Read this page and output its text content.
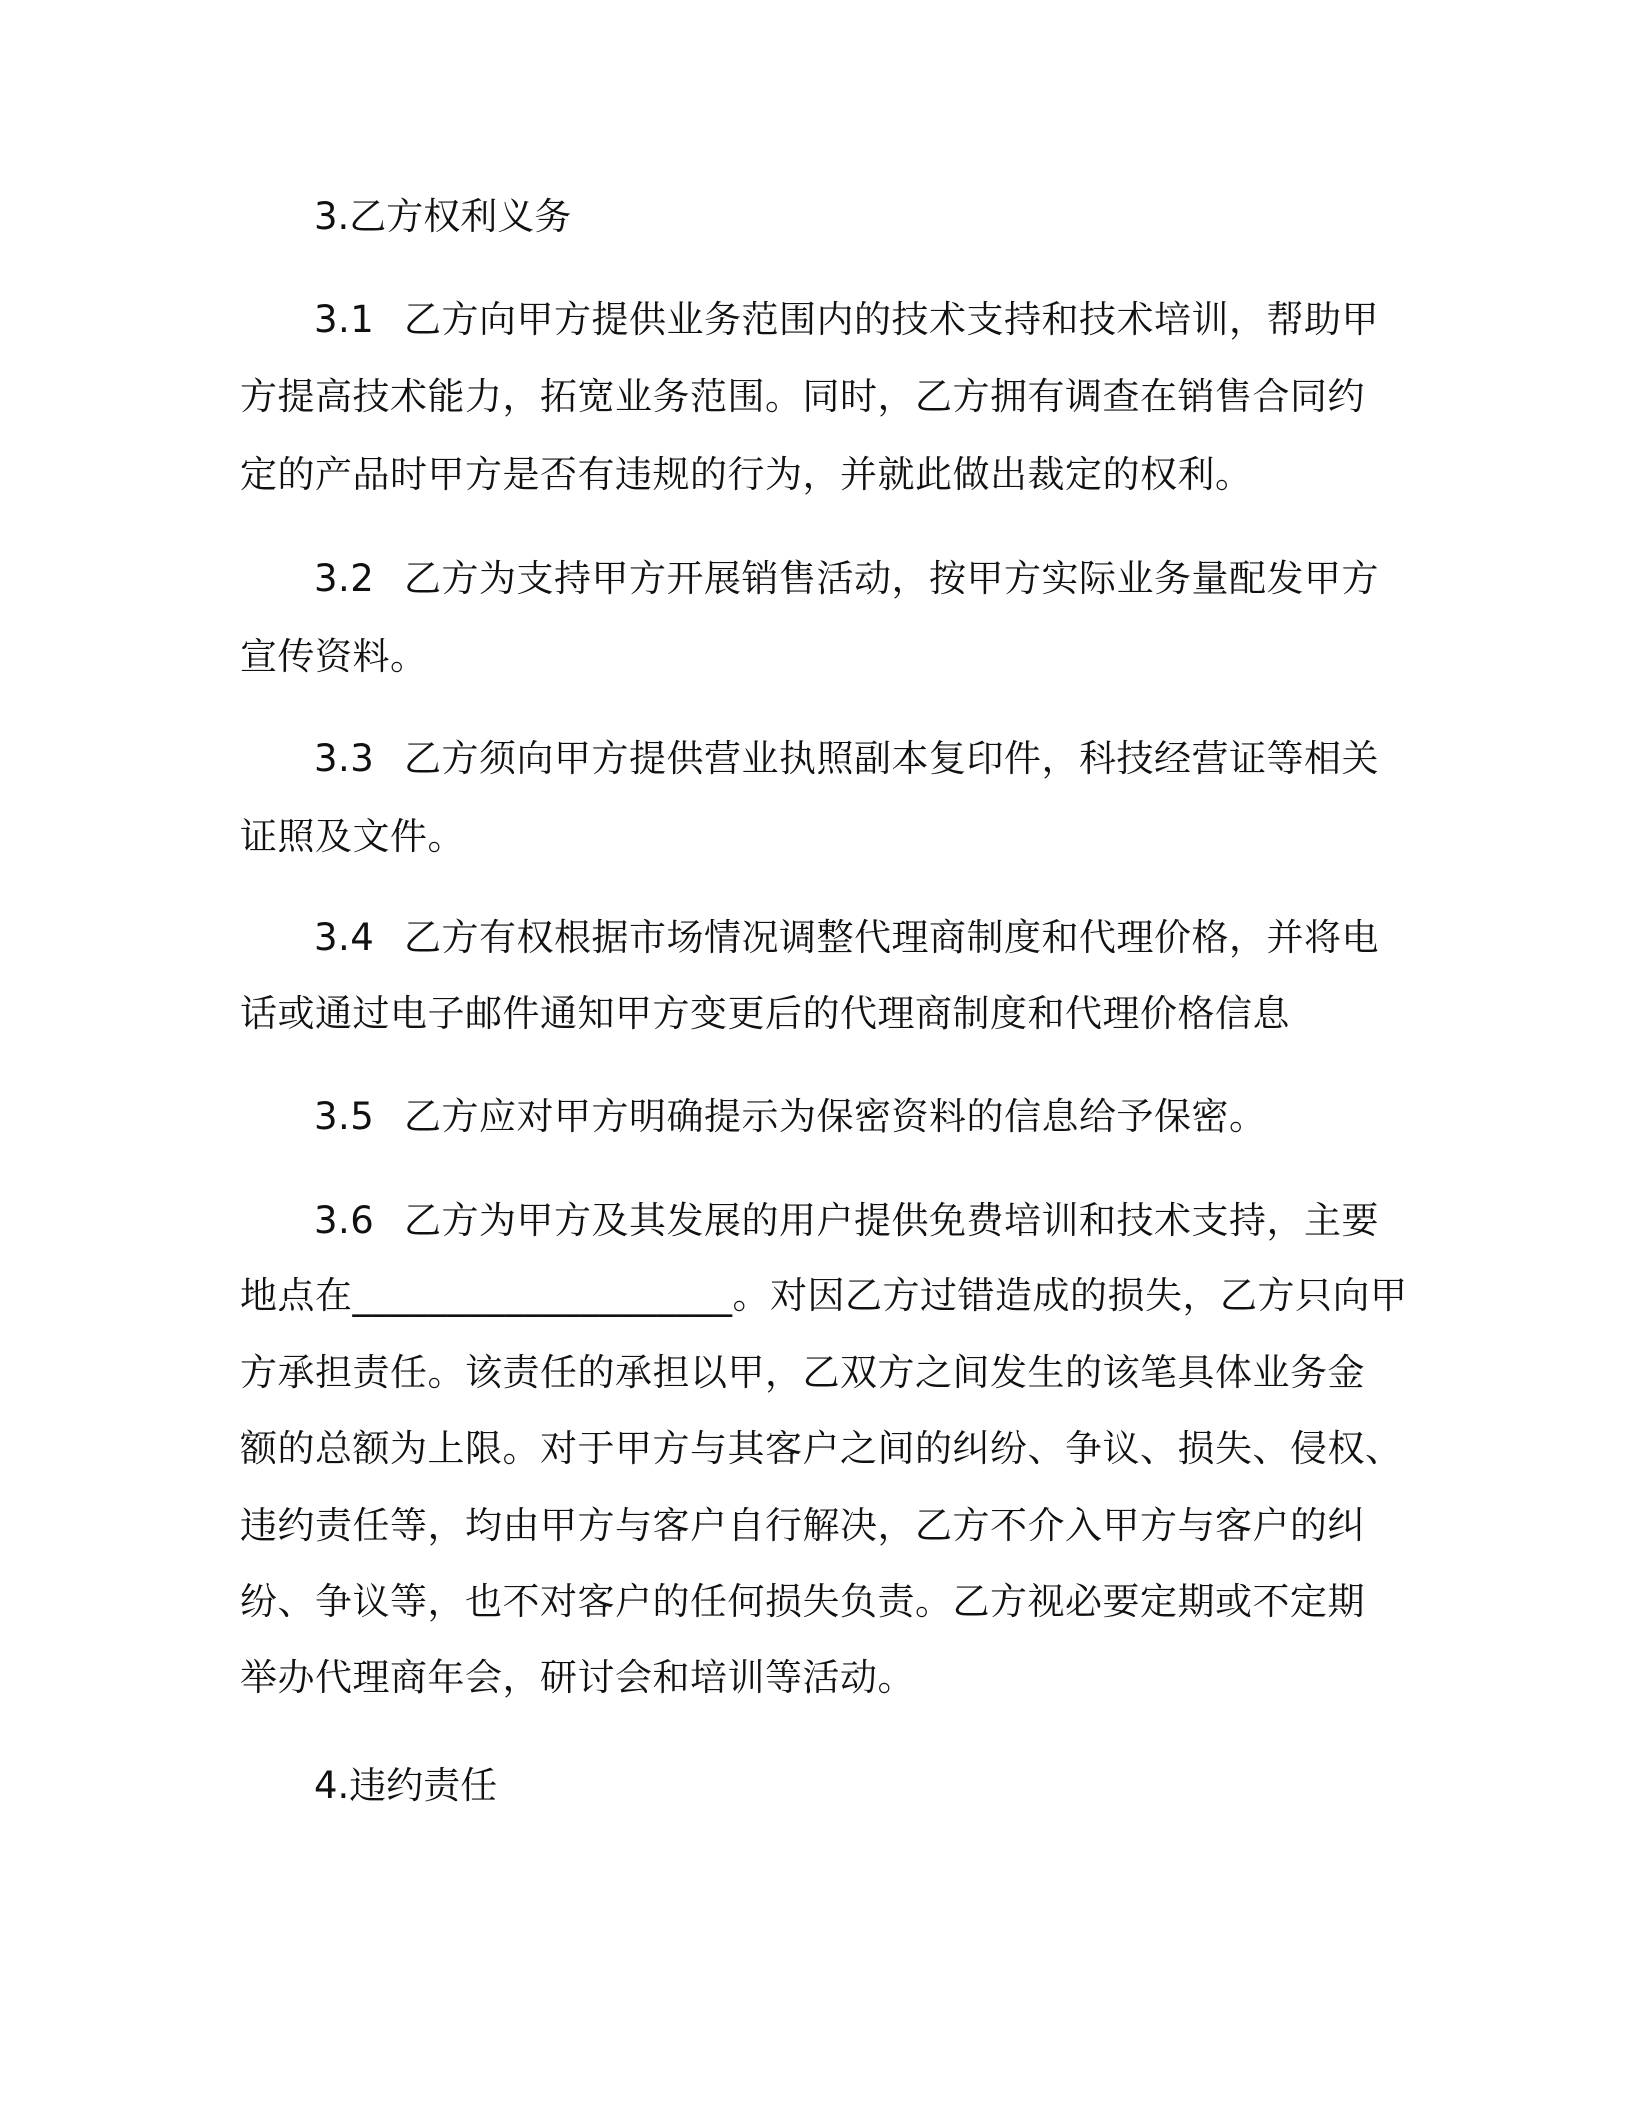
3.乙方权利义务
3.1 乙方向甲方提供业务范围内的技术支持和技术培训，帮助甲
方提高技术能力，拓宽业务范围。同时，乙方拥有调查在销售合同约
定的产品时甲方是否有违规的行为，并就此做出裁定的权利。
3.2 乙方为支持甲方开展销售活动，按甲方实际业务量配发甲方
宣传资料。
3.3 乙方须向甲方提供营业执照副本复印件，科技经营证等相关
证照及文件。
3.4 乙方有权根据市场情况调整代理商制度和代理价格，并将电
话或通过电子邮件通知甲方变更后的代理商制度和代理价格信息
3.5 乙方应对甲方明确提示为保密资料的信息给予保密。
3.6 乙方为甲方及其发展的用户提供免费培训和技术支持，主要
地点在____________________。对因乙方过错造成的损失，乙方只向甲
方承担责任。该责任的承担以甲，乙双方之间发生的该笔具体业务金
额的总额为上限。对于甲方与其客户之间的纠纷、争议、损失、侵权、
违约责任等，均由甲方与客户自行解决，乙方不介入甲方与客户的纠
纷、争议等，也不对客户的任何损失负责。乙方视必要定期或不定期
举办代理商年会，研讨会和培训等活动。
4.违约责任
